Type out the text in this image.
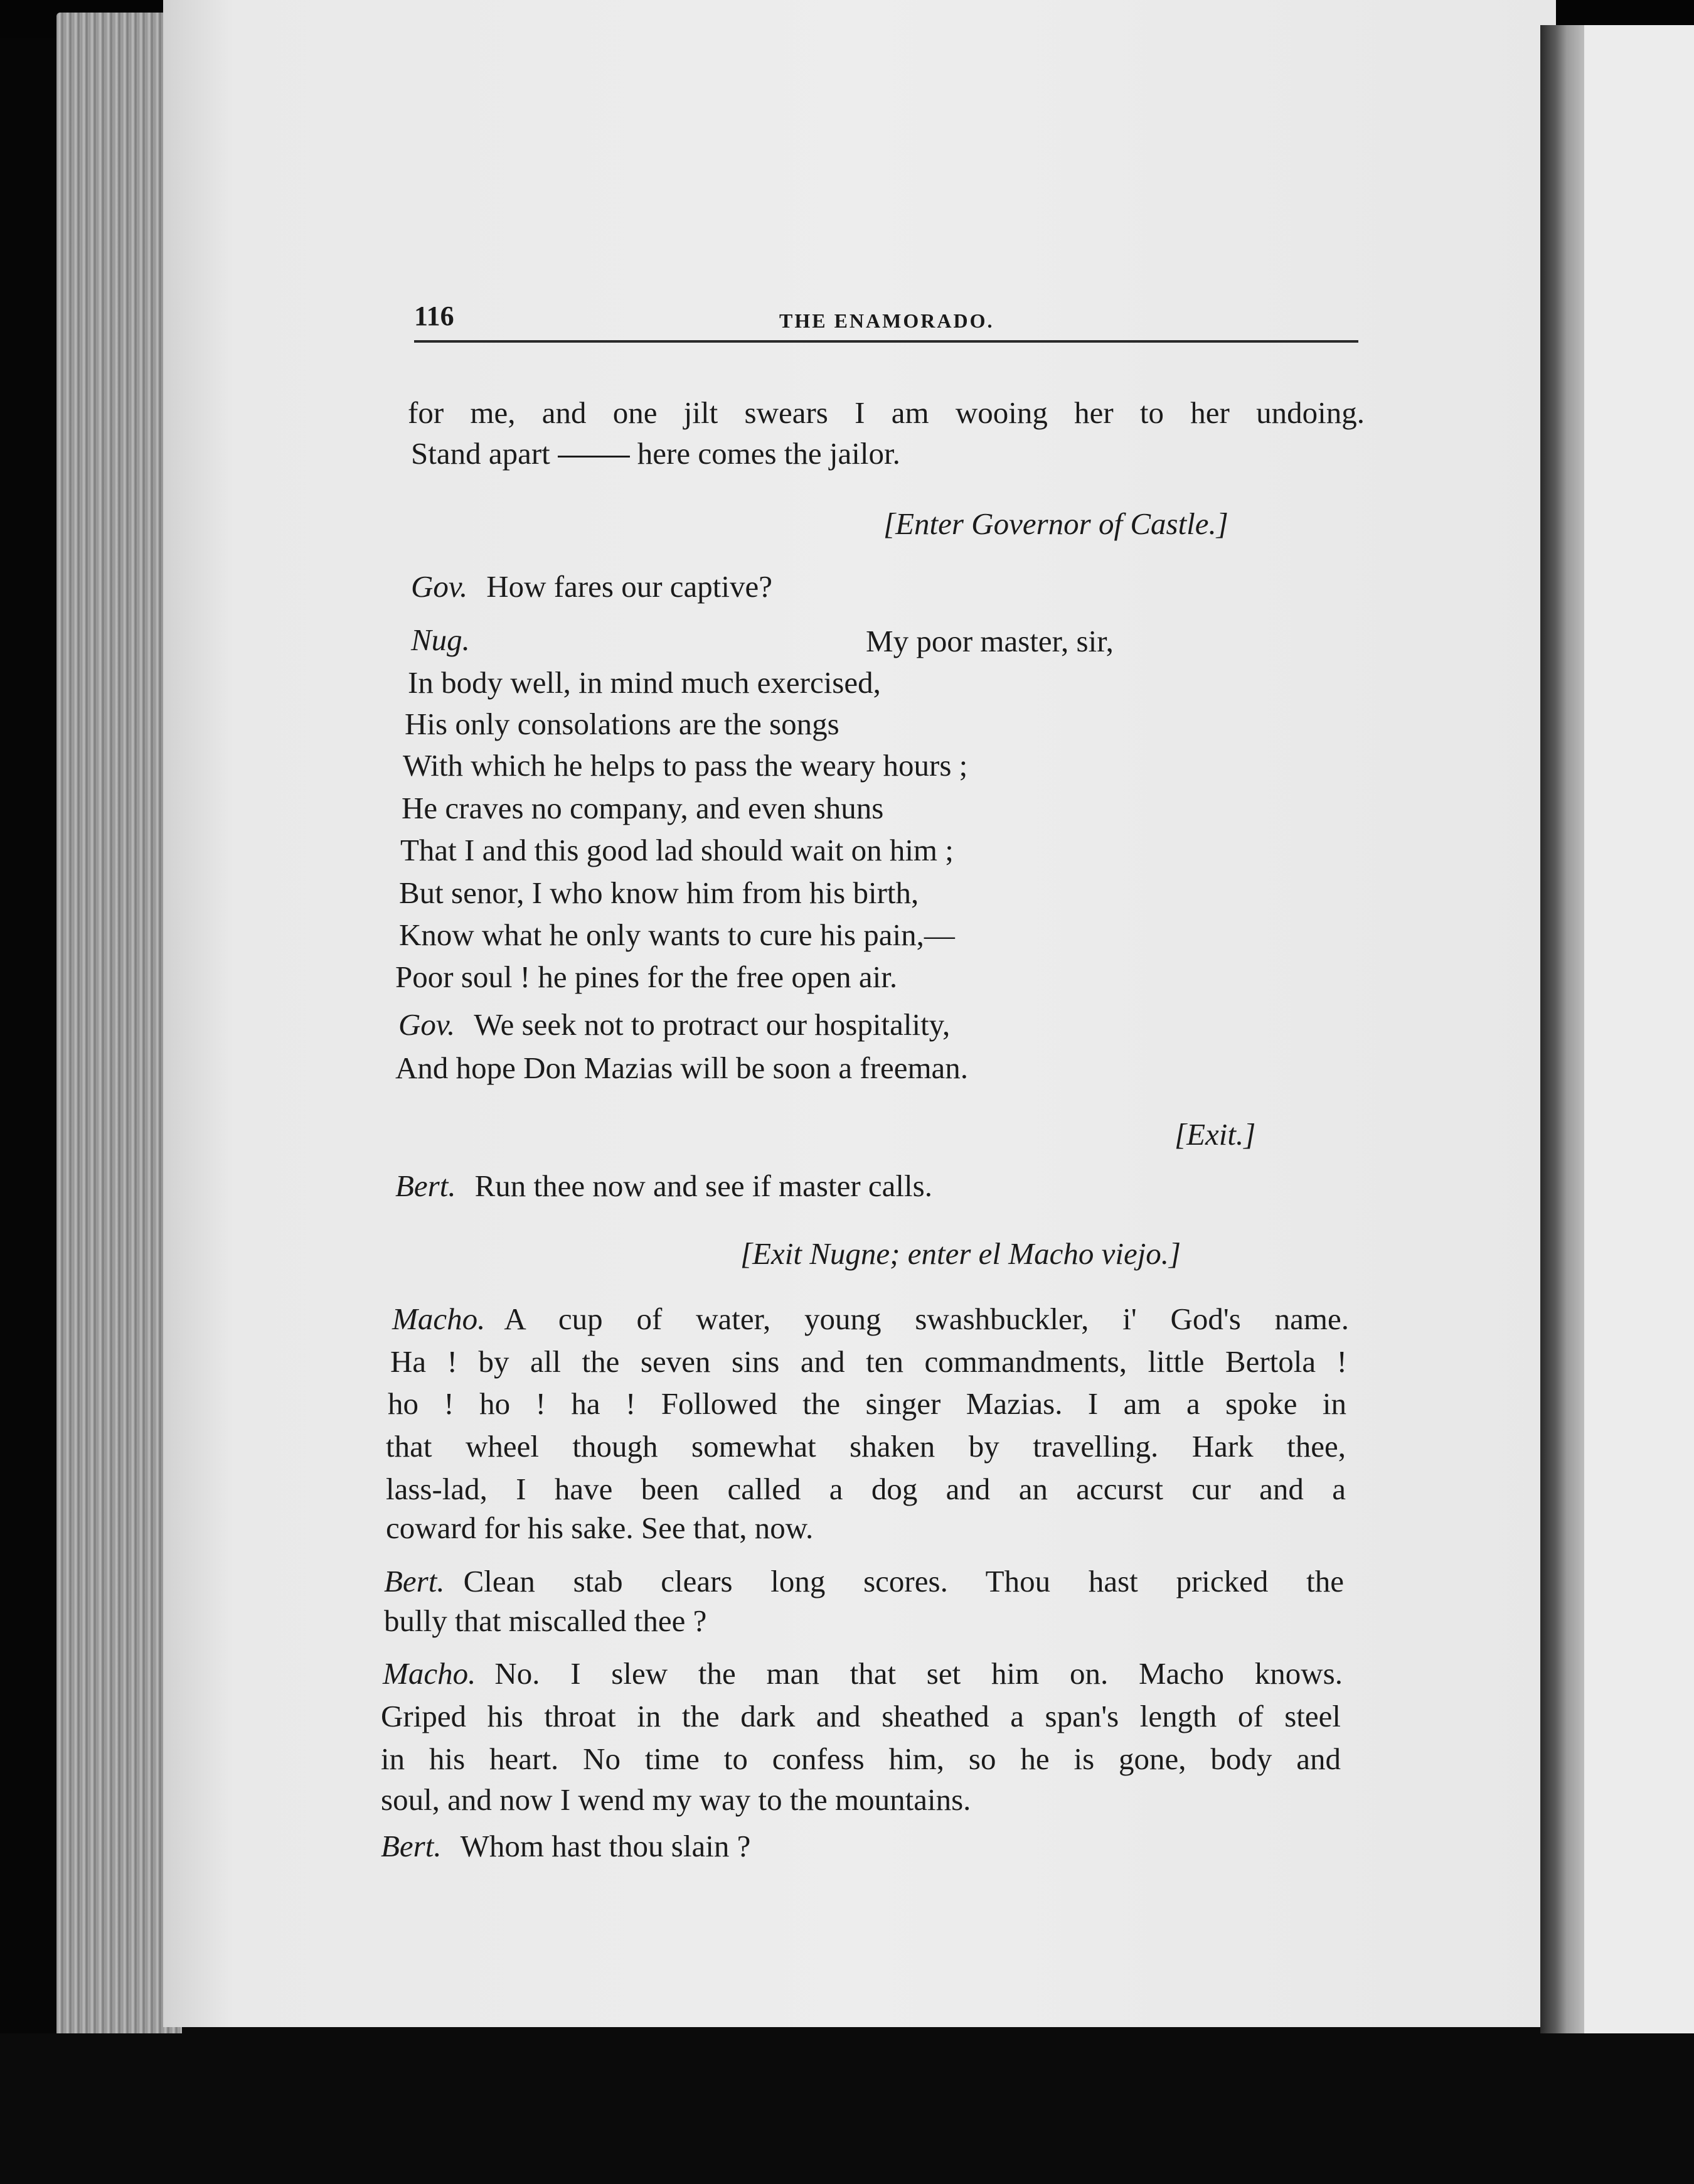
116	THE ENAMORADO.
for me, and one jilt swears I am wooing her to her undoing.
Stand apart	here comes the jailor.
[Enter Governor of Castle.]
Gov. How fares our captive?
Nug.	My poor master, sir,
In body well, in mind much exercised,
His only consolations are the songs
With which he helps to pass the weary hours ;
He craves no company, and even shuns
That I and this good lad should wait on him ;
But senor, I who know him from his birth,
Know what he only wants to cure his pain,—
Poor soul ! he pines for the free open air.
Gov. We seek not to protract our hospitality,
And hope Don Mazias will be soon a freeman.
[Exit.]
Bert. Run thee now and see if master calls.
[Exit Nugne; enter el Macho viejo.]
Macho. A cup of water, young swashbuckler, i' God's name.
Ha ! by all the seven sins and ten commandments, little Bertola !
ho ! ho ! ha ! Followed the singer Mazias. I am a spoke in
that wheel though somewhat shaken by travelling. Hark thee,
lass-lad, I have been called a dog and an accurst cur and a
coward for his sake. See that, now.
Bert. Clean stab clears long scores. Thou hast pricked the
bully that miscalled thee ?
Macho. No. I slew the man that set him on. Macho knows.
Griped his throat in the dark and sheathed a span's length of steel
in his heart. No time to confess him, so he is gone, body and
soul, and now I wend my way to the mountains.
Bert. Whom hast thou slain ?
